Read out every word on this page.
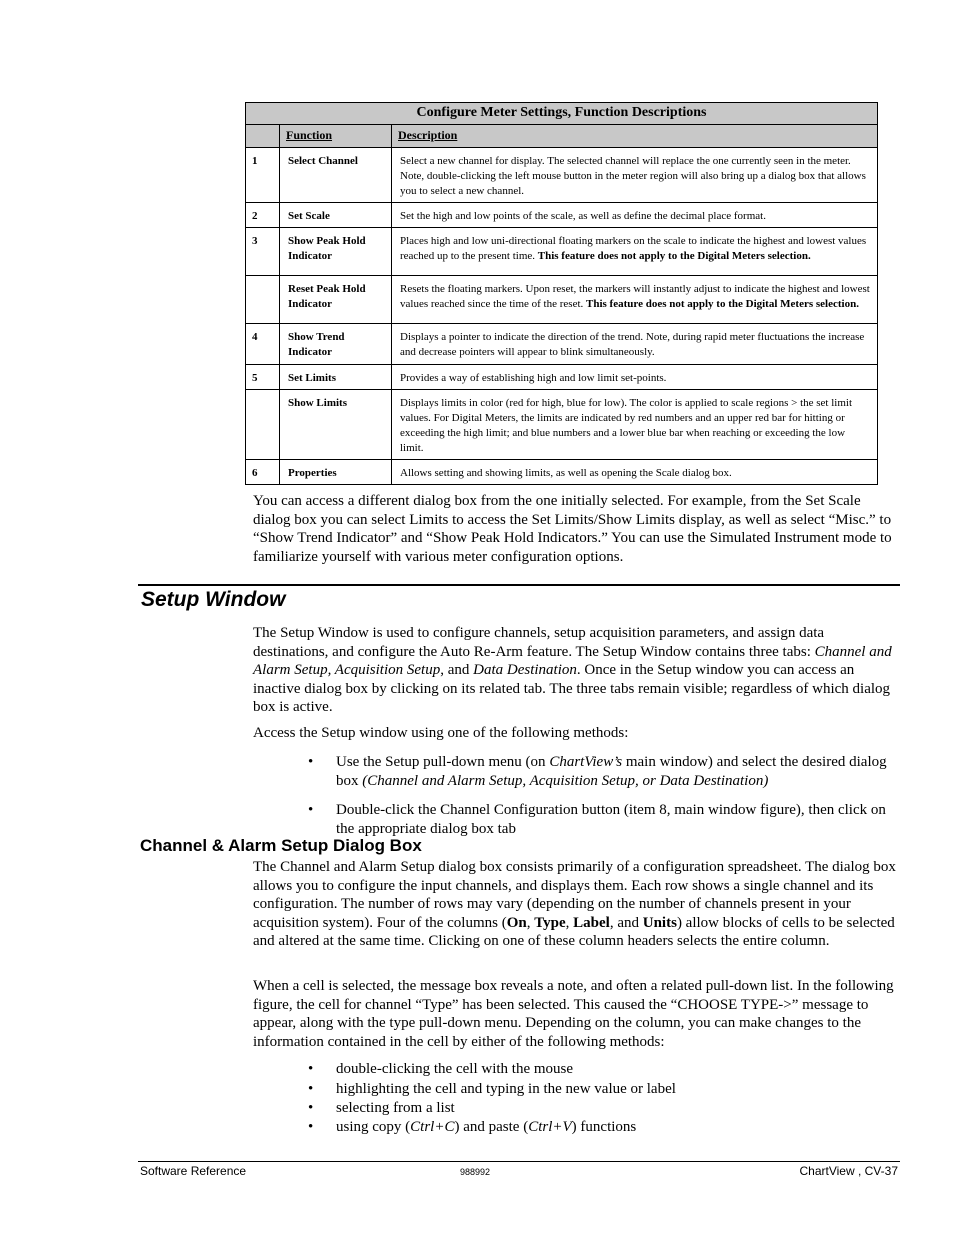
Configure Meter Settings, Function Descriptions		
	Function	Description
1	Select Channel	Select a new channel for display. The selected channel will replace the one currently seen in the meter. Note, double-clicking the left mouse button in the meter region will also bring up a dialog box that allows you to select a new channel.
2	Set Scale	Set the high and low points of the scale, as well as define the decimal place format.
3	Show Peak Hold Indicator	Places high and low uni-directional floating markers on the scale to indicate the highest and lowest values reached up to the present time. This feature does not apply to the Digital Meters selection.
	Reset Peak Hold Indicator	Resets the floating markers. Upon reset, the markers will instantly adjust to indicate the highest and lowest values reached since the time of the reset. This feature does not apply to the Digital Meters selection.
4	Show Trend Indicator	Displays a pointer to indicate the direction of the trend. Note, during rapid meter fluctuations the increase and decrease pointers will appear to blink simultaneously.
5	Set Limits	Provides a way of establishing high and low limit set-points.
	Show Limits	Displays limits in color (red for high, blue for low). The color is applied to scale regions > the set limit values. For Digital Meters, the limits are indicated by red numbers and an upper red bar for hitting or exceeding the high limit; and blue numbers and a lower blue bar when reaching or exceeding the low limit.
6	Properties	Allows setting and showing limits, as well as opening the Scale dialog box.

You can access a different dialog box from the one initially selected. For example, from the Set Scale dialog box you can select Limits to access the Set Limits/Show Limits display, as well as select “Misc.” to “Show Trend Indicator” and “Show Peak Hold Indicators.” You can use the Simulated Instrument mode to familiarize yourself with various meter configuration options.

Setup Window

The Setup Window is used to configure channels, setup acquisition parameters, and assign data destinations, and configure the Auto Re-Arm feature. The Setup Window contains three tabs: Channel and Alarm Setup, Acquisition Setup, and Data Destination. Once in the Setup window you can access an inactive dialog box by clicking on its related tab. The three tabs remain visible; regardless of which dialog box is active.

Access the Setup window using one of the following methods:

• Use the Setup pull-down menu (on ChartView’s main window) and select the desired dialog box (Channel and Alarm Setup, Acquisition Setup, or Data Destination)
• Double-click the Channel Configuration button (item 8, main window figure), then click on the appropriate dialog box tab
Channel & Alarm Setup Dialog Box

The Channel and Alarm Setup dialog box consists primarily of a configuration spreadsheet. The dialog box allows you to configure the input channels, and displays them. Each row shows a single channel and its configuration. The number of rows may vary (depending on the number of channels present in your acquisition system). Four of the columns (On, Type, Label, and Units) allow blocks of cells to be selected and altered at the same time. Clicking on one of these column headers selects the entire column.

When a cell is selected, the message box reveals a note, and often a related pull-down list. In the following figure, the cell for channel “Type” has been selected. This caused the “CHOOSE TYPE->” message to appear, along with the type pull-down menu. Depending on the column, you can make changes to the information contained in the cell by either of the following methods:

• double-clicking the cell with the mouse
• highlighting the cell and typing in the new value or label
• selecting from a list
• using copy (Ctrl+C) and paste (Ctrl+V) functions
Software Reference	988992	ChartView , CV-37
